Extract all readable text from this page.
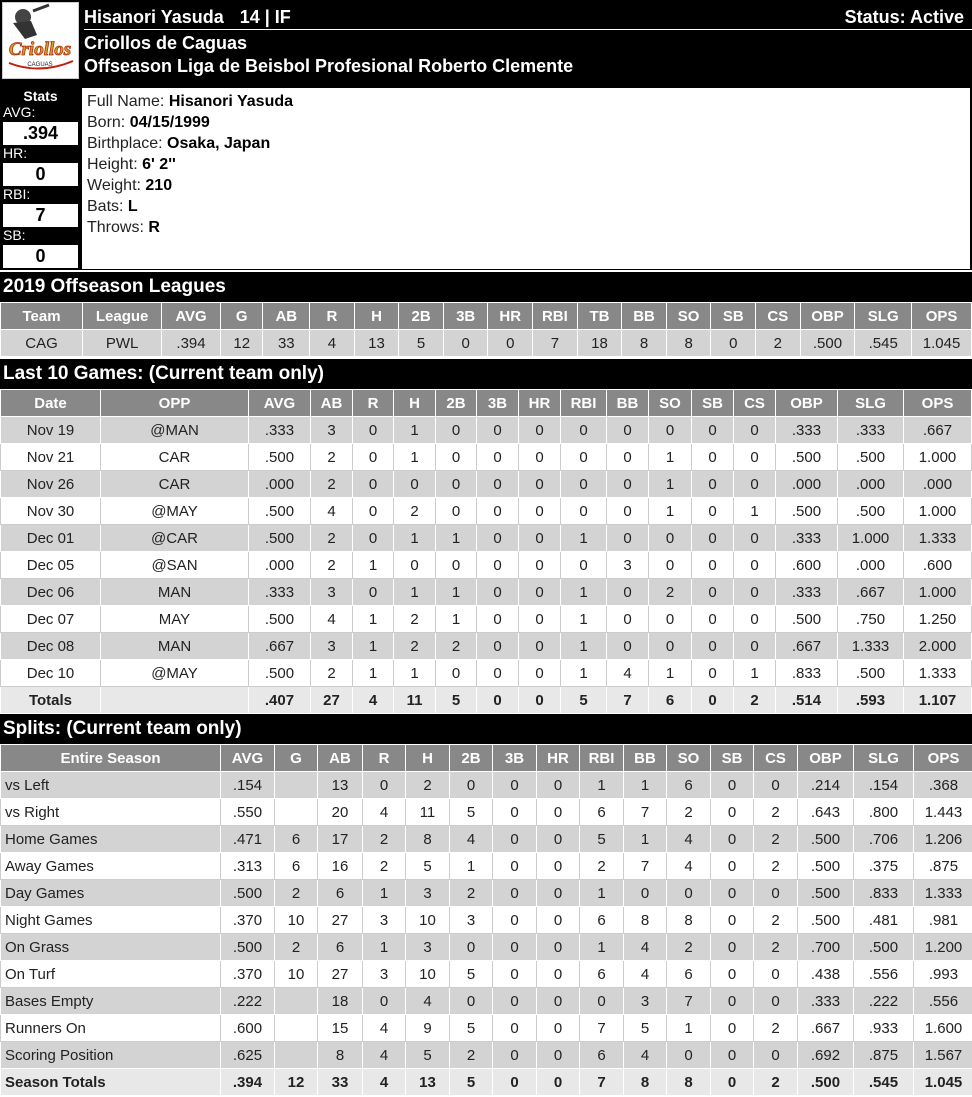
Criollos
CAGUAS
Hisanori Yasuda 14 | IF	Status: Active
Criollos de Caguas
Offseason Liga de Beisbol Profesional Roberto Clemente
Stats
AVG:
.394
HR:
0
RBI:
7
SB:
0
Full Name: Hisanori Yasuda
Born: 04/15/1999
Birthplace: Osaka, Japan
Height: 6' 2''
Weight: 210
Bats: L
Throws: R
2019 Offseason Leagues
Team	League	AVG	G	AB	R	H	2B	3B	HR	RBI	TB	BB	SO	SB	CS	OBP	SLG	OPS
CAG	PWL	.394	12	33	4	13	5	0	0	7	18	8	8	0	2	.500	.545	1.045
Last 10 Games: (Current team only)
Date	OPP	AVG	AB	R	H	2B	3B	HR	RBI	BB	SO	SB	CS	OBP	SLG	OPS
Nov 19	@MAN	.333	3	0	1	0	0	0	0	0	0	0	0	.333	.333	.667
Nov 21	CAR	.500	2	0	1	0	0	0	0	0	1	0	0	.500	.500	1.000
Nov 26	CAR	.000	2	0	0	0	0	0	0	0	1	0	0	.000	.000	.000
Nov 30	@MAY	.500	4	0	2	0	0	0	0	0	1	0	1	.500	.500	1.000
Dec 01	@CAR	.500	2	0	1	1	0	0	1	0	0	0	0	.333	1.000	1.333
Dec 05	@SAN	.000	2	1	0	0	0	0	0	3	0	0	0	.600	.000	.600
Dec 06	MAN	.333	3	0	1	1	0	0	1	0	2	0	0	.333	.667	1.000
Dec 07	MAY	.500	4	1	2	1	0	0	1	0	0	0	0	.500	.750	1.250
Dec 08	MAN	.667	3	1	2	2	0	0	1	0	0	0	0	.667	1.333	2.000
Dec 10	@MAY	.500	2	1	1	0	0	0	1	4	1	0	1	.833	.500	1.333
Totals		.407	27	4	11	5	0	0	5	7	6	0	2	.514	.593	1.107
Splits: (Current team only)
Entire Season	AVG	G	AB	R	H	2B	3B	HR	RBI	BB	SO	SB	CS	OBP	SLG	OPS
vs Left	.154		13	0	2	0	0	0	1	1	6	0	0	.214	.154	.368
vs Right	.550		20	4	11	5	0	0	6	7	2	0	2	.643	.800	1.443
Home Games	.471	6	17	2	8	4	0	0	5	1	4	0	2	.500	.706	1.206
Away Games	.313	6	16	2	5	1	0	0	2	7	4	0	2	.500	.375	.875
Day Games	.500	2	6	1	3	2	0	0	1	0	0	0	0	.500	.833	1.333
Night Games	.370	10	27	3	10	3	0	0	6	8	8	0	2	.500	.481	.981
On Grass	.500	2	6	1	3	0	0	0	1	4	2	0	2	.700	.500	1.200
On Turf	.370	10	27	3	10	5	0	0	6	4	6	0	0	.438	.556	.993
Bases Empty	.222		18	0	4	0	0	0	0	3	7	0	0	.333	.222	.556
Runners On	.600		15	4	9	5	0	0	7	5	1	0	2	.667	.933	1.600
Scoring Position	.625		8	4	5	2	0	0	6	4	0	0	0	.692	.875	1.567
Season Totals	.394	12	33	4	13	5	0	0	7	8	8	0	2	.500	.545	1.045
